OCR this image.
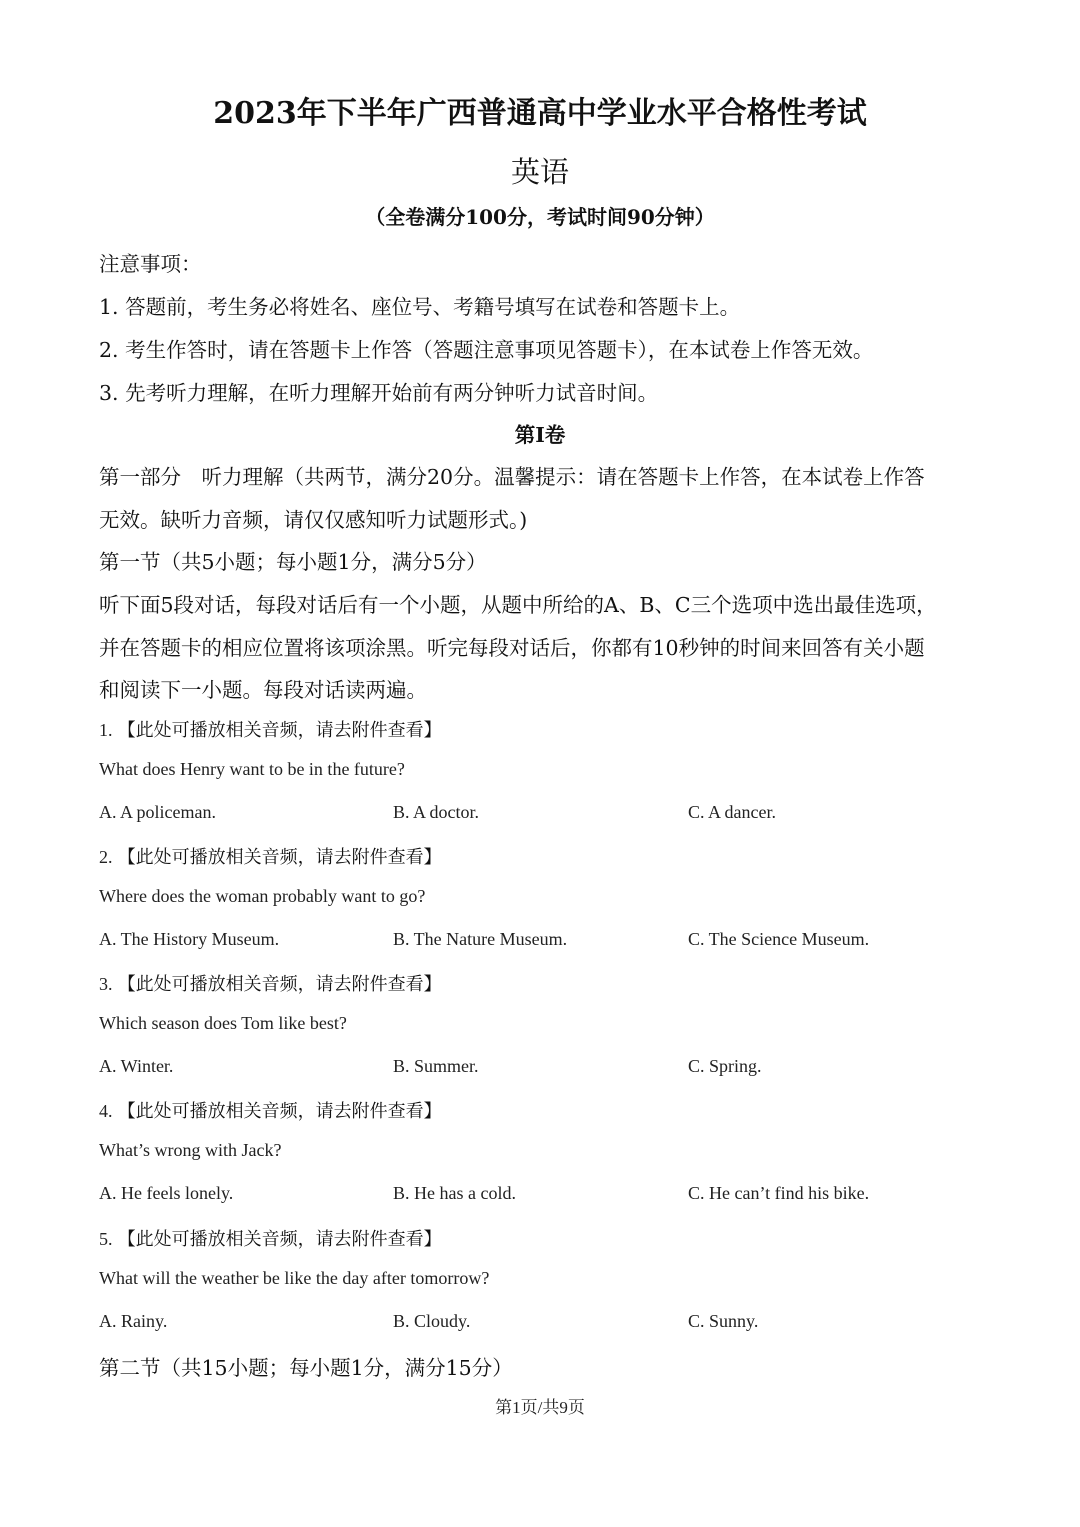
2023年下半年广西普通高中学业水平合格性考试
英语
（全卷满分100分，考试时间90分钟）
注意事项：
1. 答题前，考生务必将姓名、座位号、考籍号填写在试卷和答题卡上。
2. 考生作答时，请在答题卡上作答（答题注意事项见答题卡），在本试卷上作答无效。
3. 先考听力理解，在听力理解开始前有两分钟听力试音时间。
第I卷
第一部分　听力理解（共两节，满分20分。温馨提示：请在答题卡上作答，在本试卷上作答
无效。缺听力音频，请仅仅感知听力试题形式。)
第一节（共5小题；每小题1分，满分5分）
听下面5段对话，每段对话后有一个小题，从题中所给的A、B、C三个选项中选出最佳选项，
并在答题卡的相应位置将该项涂黑。听完每段对话后，你都有10秒钟的时间来回答有关小题
和阅读下一小题。每段对话读两遍。
1. 【此处可播放相关音频，请去附件查看】
What does Henry want to be in the future?
A. A policeman.	B. A doctor.	C. A dancer.
2. 【此处可播放相关音频，请去附件查看】
Where does the woman probably want to go?
A. The History Museum.	B. The Nature Museum.	C. The Science Museum.
3. 【此处可播放相关音频，请去附件查看】
Which season does Tom like best?
A. Winter.	B. Summer.	C. Spring.
4. 【此处可播放相关音频，请去附件查看】
What’s wrong with Jack?
A. He feels lonely.	B. He has a cold.	C. He can’t find his bike.
5. 【此处可播放相关音频，请去附件查看】
What will the weather be like the day after tomorrow?
A. Rainy.	B. Cloudy.	C. Sunny.
第二节（共15小题；每小题1分，满分15分）
第1页/共9页
